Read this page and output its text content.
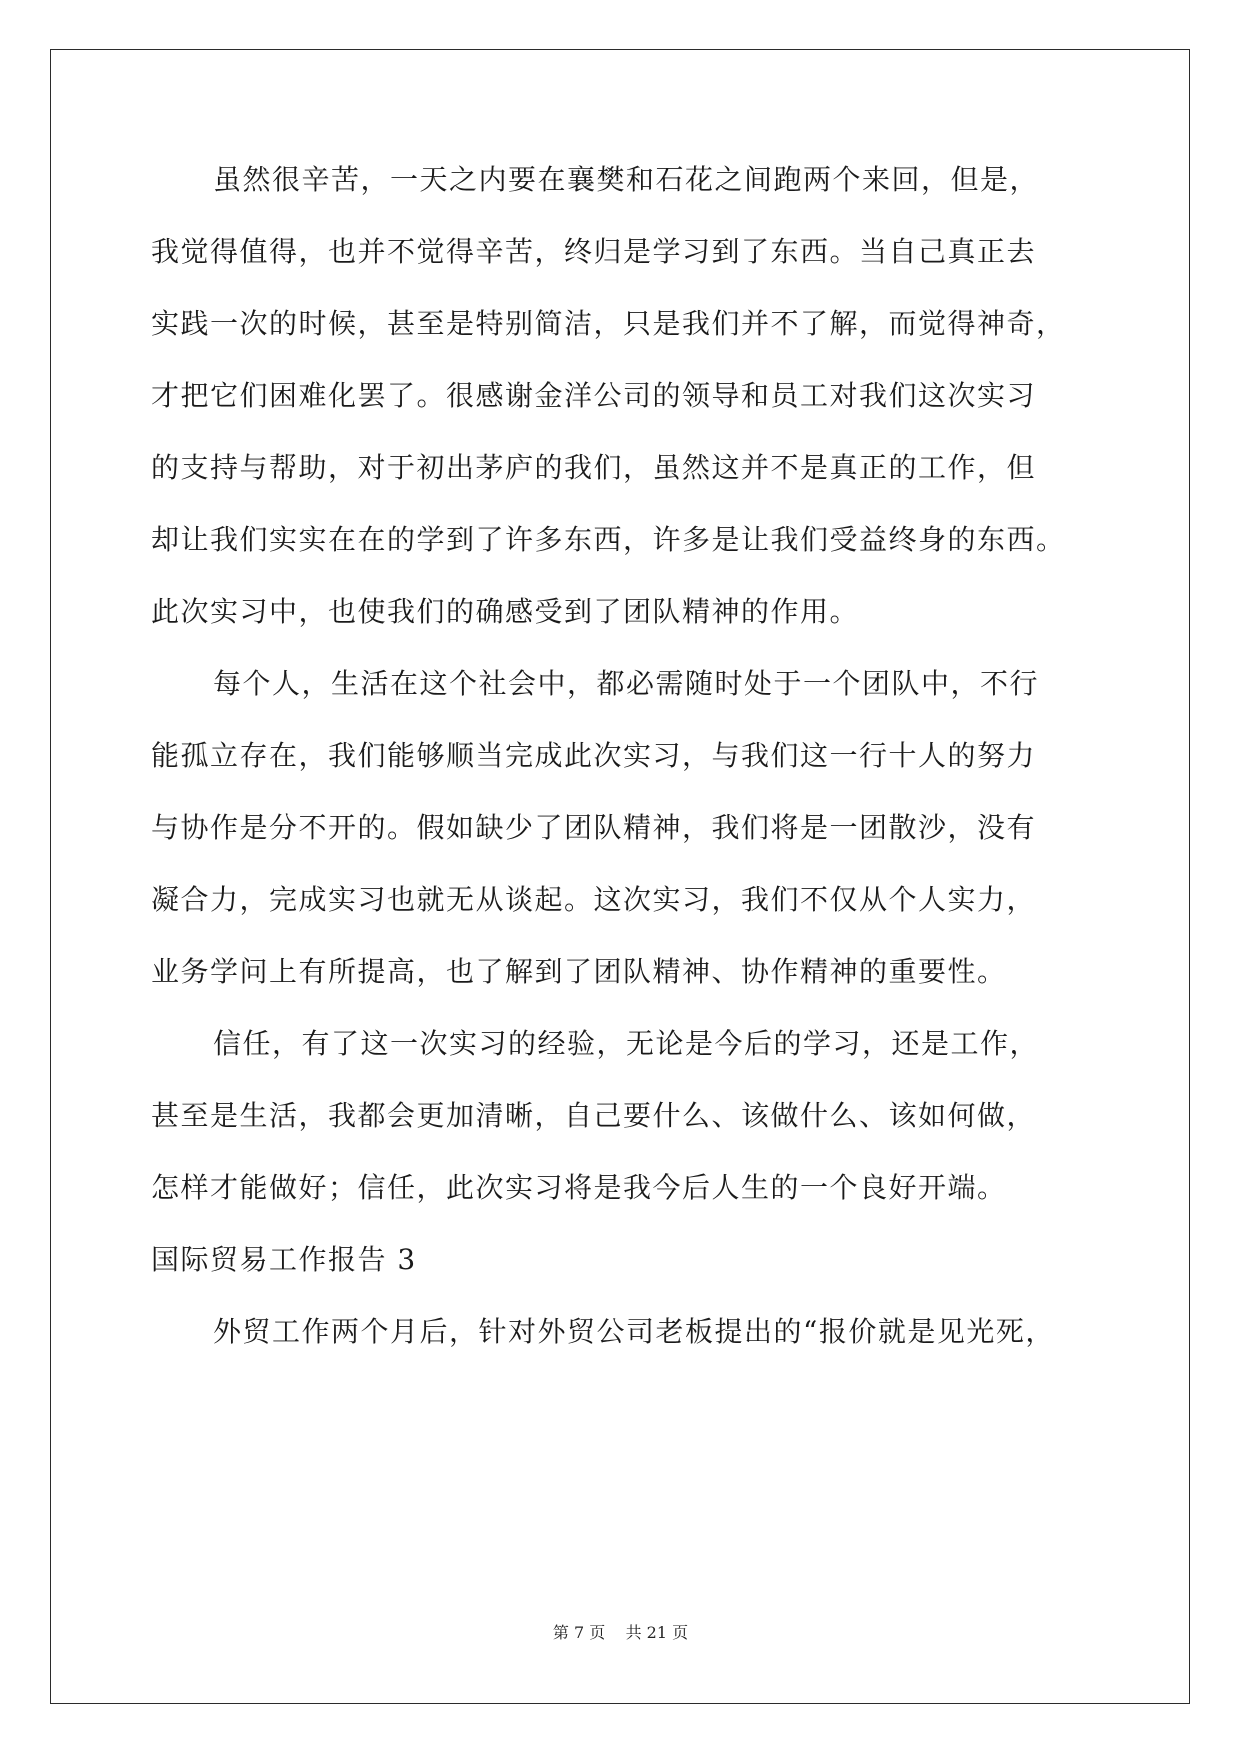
虽然很辛苦，一天之内要在襄樊和石花之间跑两个来回，但是，
我觉得值得，也并不觉得辛苦，终归是学习到了东西。当自己真正去
实践一次的时候，甚至是特别简洁，只是我们并不了解，而觉得神奇，
才把它们困难化罢了。很感谢金洋公司的领导和员工对我们这次实习
的支持与帮助，对于初出茅庐的我们，虽然这并不是真正的工作，但
却让我们实实在在的学到了许多东西，许多是让我们受益终身的东西。
此次实习中，也使我们的确感受到了团队精神的作用。
每个人，生活在这个社会中，都必需随时处于一个团队中，不行
能孤立存在，我们能够顺当完成此次实习，与我们这一行十人的努力
与协作是分不开的。假如缺少了团队精神，我们将是一团散沙，没有
凝合力，完成实习也就无从谈起。这次实习，我们不仅从个人实力，
业务学问上有所提高，也了解到了团队精神、协作精神的重要性。
信任，有了这一次实习的经验，无论是今后的学习，还是工作，
甚至是生活，我都会更加清晰，自己要什么、该做什么、该如何做，
怎样才能做好；信任，此次实习将是我今后人生的一个良好开端。
国际贸易工作报告 3
外贸工作两个月后，针对外贸公司老板提出的“报价就是见光死，
第 7 页    共 21 页
